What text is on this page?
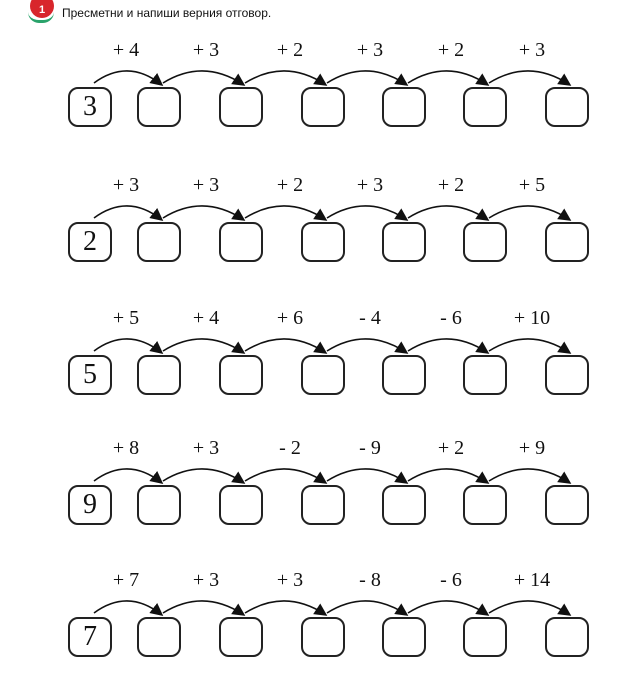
1	Пресметни и напиши верния отговор.
+ 4	+ 3	+ 2	+ 3	+ 2	+ 3
3
+ 3	+ 3	+ 2	+ 3	+ 2	+ 5
2
+ 5	+ 4	+ 6	- 4	- 6	+ 10
5
+ 8	+ 3	- 2	- 9	+ 2	+ 9
9
+ 7	+ 3	+ 3	- 8	- 6	+ 14
7
